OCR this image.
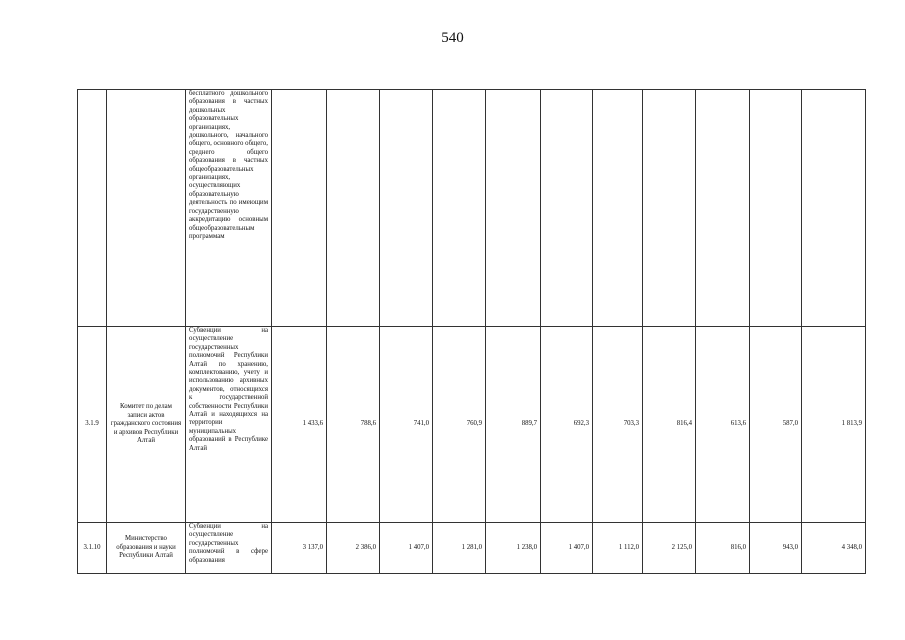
540
		бесплатного дошкольного образования в частных дошкольных образовательных организациях, дошкольного, начального общего, основного общего, среднего общего образования в частных общеобразовательных организациях, осуществляющих образовательную деятельность по имеющим государственную аккредитацию основным общеобразовательным программам											
3.1.9	Комитет по делам записи актов гражданского состояния и архивов Республики Алтай	Субвенции на осуществление государственных полномочий Республики Алтай по хранению, комплектованию, учету и использованию архивных документов, относящихся к государственной собственности Республики Алтай и находящихся на территории муниципальных образований в Республике Алтай	1 433,6	788,6	741,0	760,9	889,7	692,3	703,3	816,4	613,6	587,0	1 813,9
3.1.10	Министерство образования и науки Республики Алтай	Субвенции на осуществление государственных полномочий в сфере образования	3 137,0	2 386,0	1 407,0	1 281,0	1 238,0	1 407,0	1 112,0	2 125,0	816,0	943,0	4 348,0
